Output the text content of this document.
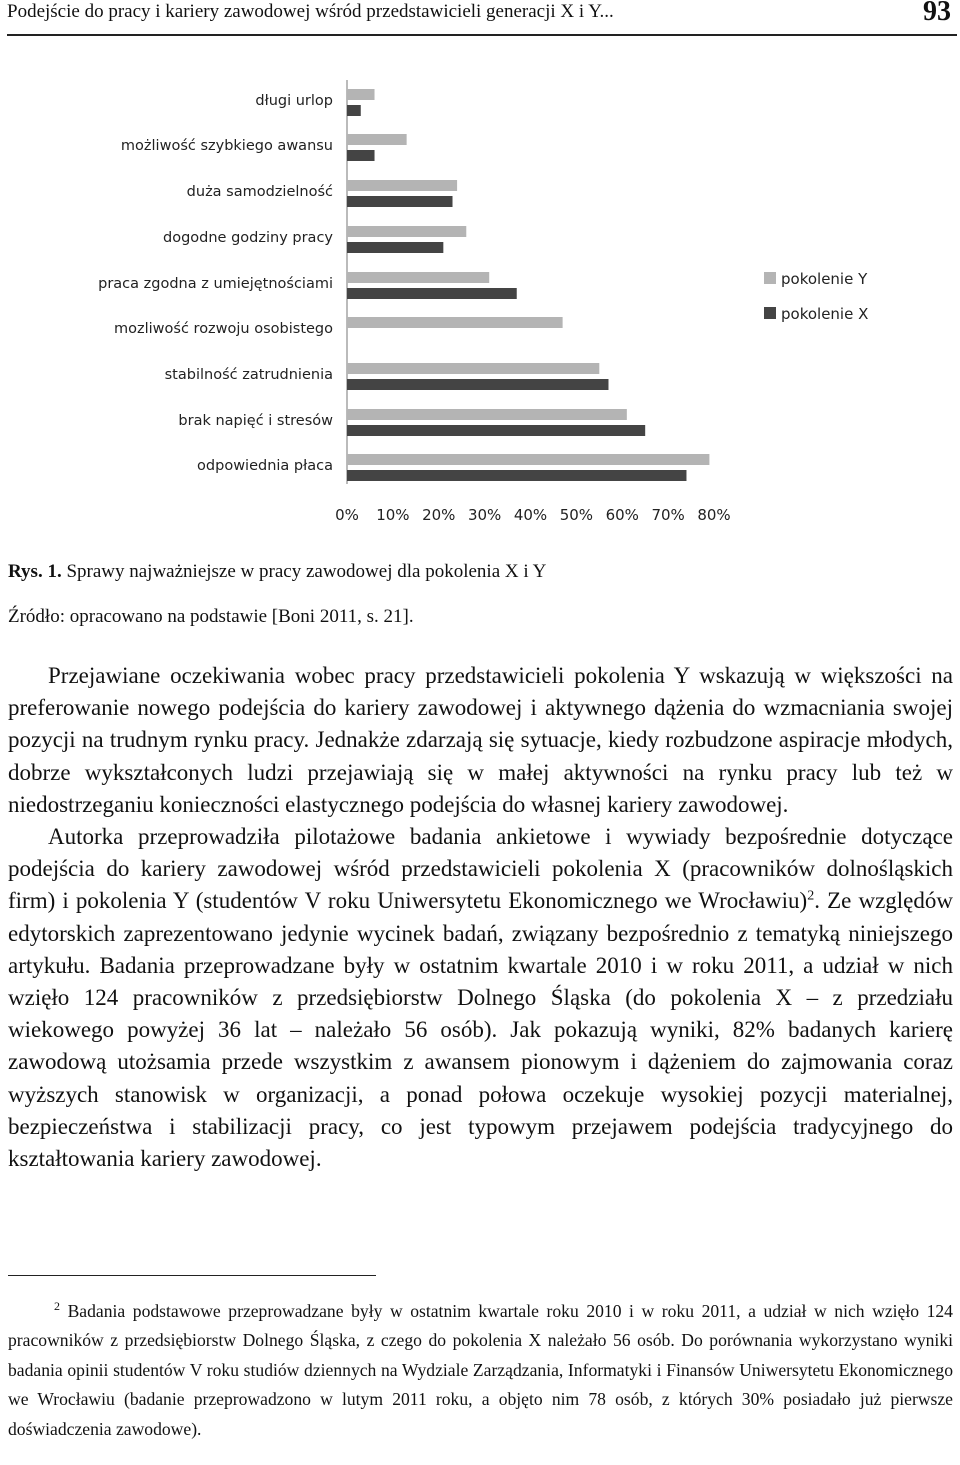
Podejście do pracy i kariery zawodowej wśród przedstawicieli generacji X i Y...	93
długi urlop
możliwość szybkiego awansu
duża samodzielność
dogodne godziny pracy
praca zgodna z umiejętnościami
mozliwość rozwoju osobistego
stabilność zatrudnienia
brak napięć i stresów
odpowiednia płaca
0% 10% 20% 30% 40% 50% 60% 70% 80%
pokolenie Y
pokolenie X
Rys. 1. Sprawy najważniejsze w pracy zawodowej dla pokolenia X i Y
Źródło: opracowano na podstawie [Boni 2011, s. 21].

Przejawiane oczekiwania wobec pracy przedstawicieli pokolenia Y wskazują w większości na preferowanie nowego podejścia do kariery zawodowej i aktywnego dążenia do wzmacniania swojej pozycji na trudnym rynku pracy. Jednakże zdarzają się sytuacje, kiedy rozbudzone aspiracje młodych, dobrze wykształconych ludzi przejawiają się w małej aktywności na rynku pracy lub też w niedostrzeganiu konieczności elastycznego podejścia do własnej kariery zawodowej.

Autorka przeprowadziła pilotażowe badania ankietowe i wywiady bezpośrednie dotyczące podejścia do kariery zawodowej wśród przedstawicieli pokolenia X (pracowników dolnośląskich firm) i pokolenia Y (studentów V roku Uniwersytetu Ekonomicznego we Wrocławiu)$^2$. Ze względów edytorskich zaprezentowano jedynie wycinek badań, związany bezpośrednio z tematyką niniejszego artykułu. Badania przeprowadzane były w ostatnim kwartale 2010 i w roku 2011, a udział w nich wzięło 124 pracowników z przedsiębiorstw Dolnego Śląska (do pokolenia X – z przedziału wiekowego powyżej 36 lat – należało 56 osób). Jak pokazują wyniki, 82% badanych karierę zawodową utożsamia przede wszystkim z awansem pionowym i dążeniem do zajmowania coraz wyższych stanowisk w organizacji, a ponad połowa oczekuje wysokiej pozycji materialnej, bezpieczeństwa i stabilizacji pracy, co jest typowym przejawem podejścia tradycyjnego do kształtowania kariery zawodowej.

$^2$ Badania podstawowe przeprowadzane były w ostatnim kwartale roku 2010 i w roku 2011, a udział w nich wzięło 124 pracowników z przedsiębiorstw Dolnego Śląska, z czego do pokolenia X należało 56 osób. Do porównania wykorzystano wyniki badania opinii studentów V roku studiów dziennych na Wydziale Zarządzania, Informatyki i Finansów Uniwersytetu Ekonomicznego we Wrocławiu (badanie przeprowadzono w lutym 2011 roku, a objęto nim 78 osób, z których 30% posiadało już pierwsze doświadczenia zawodowe).
